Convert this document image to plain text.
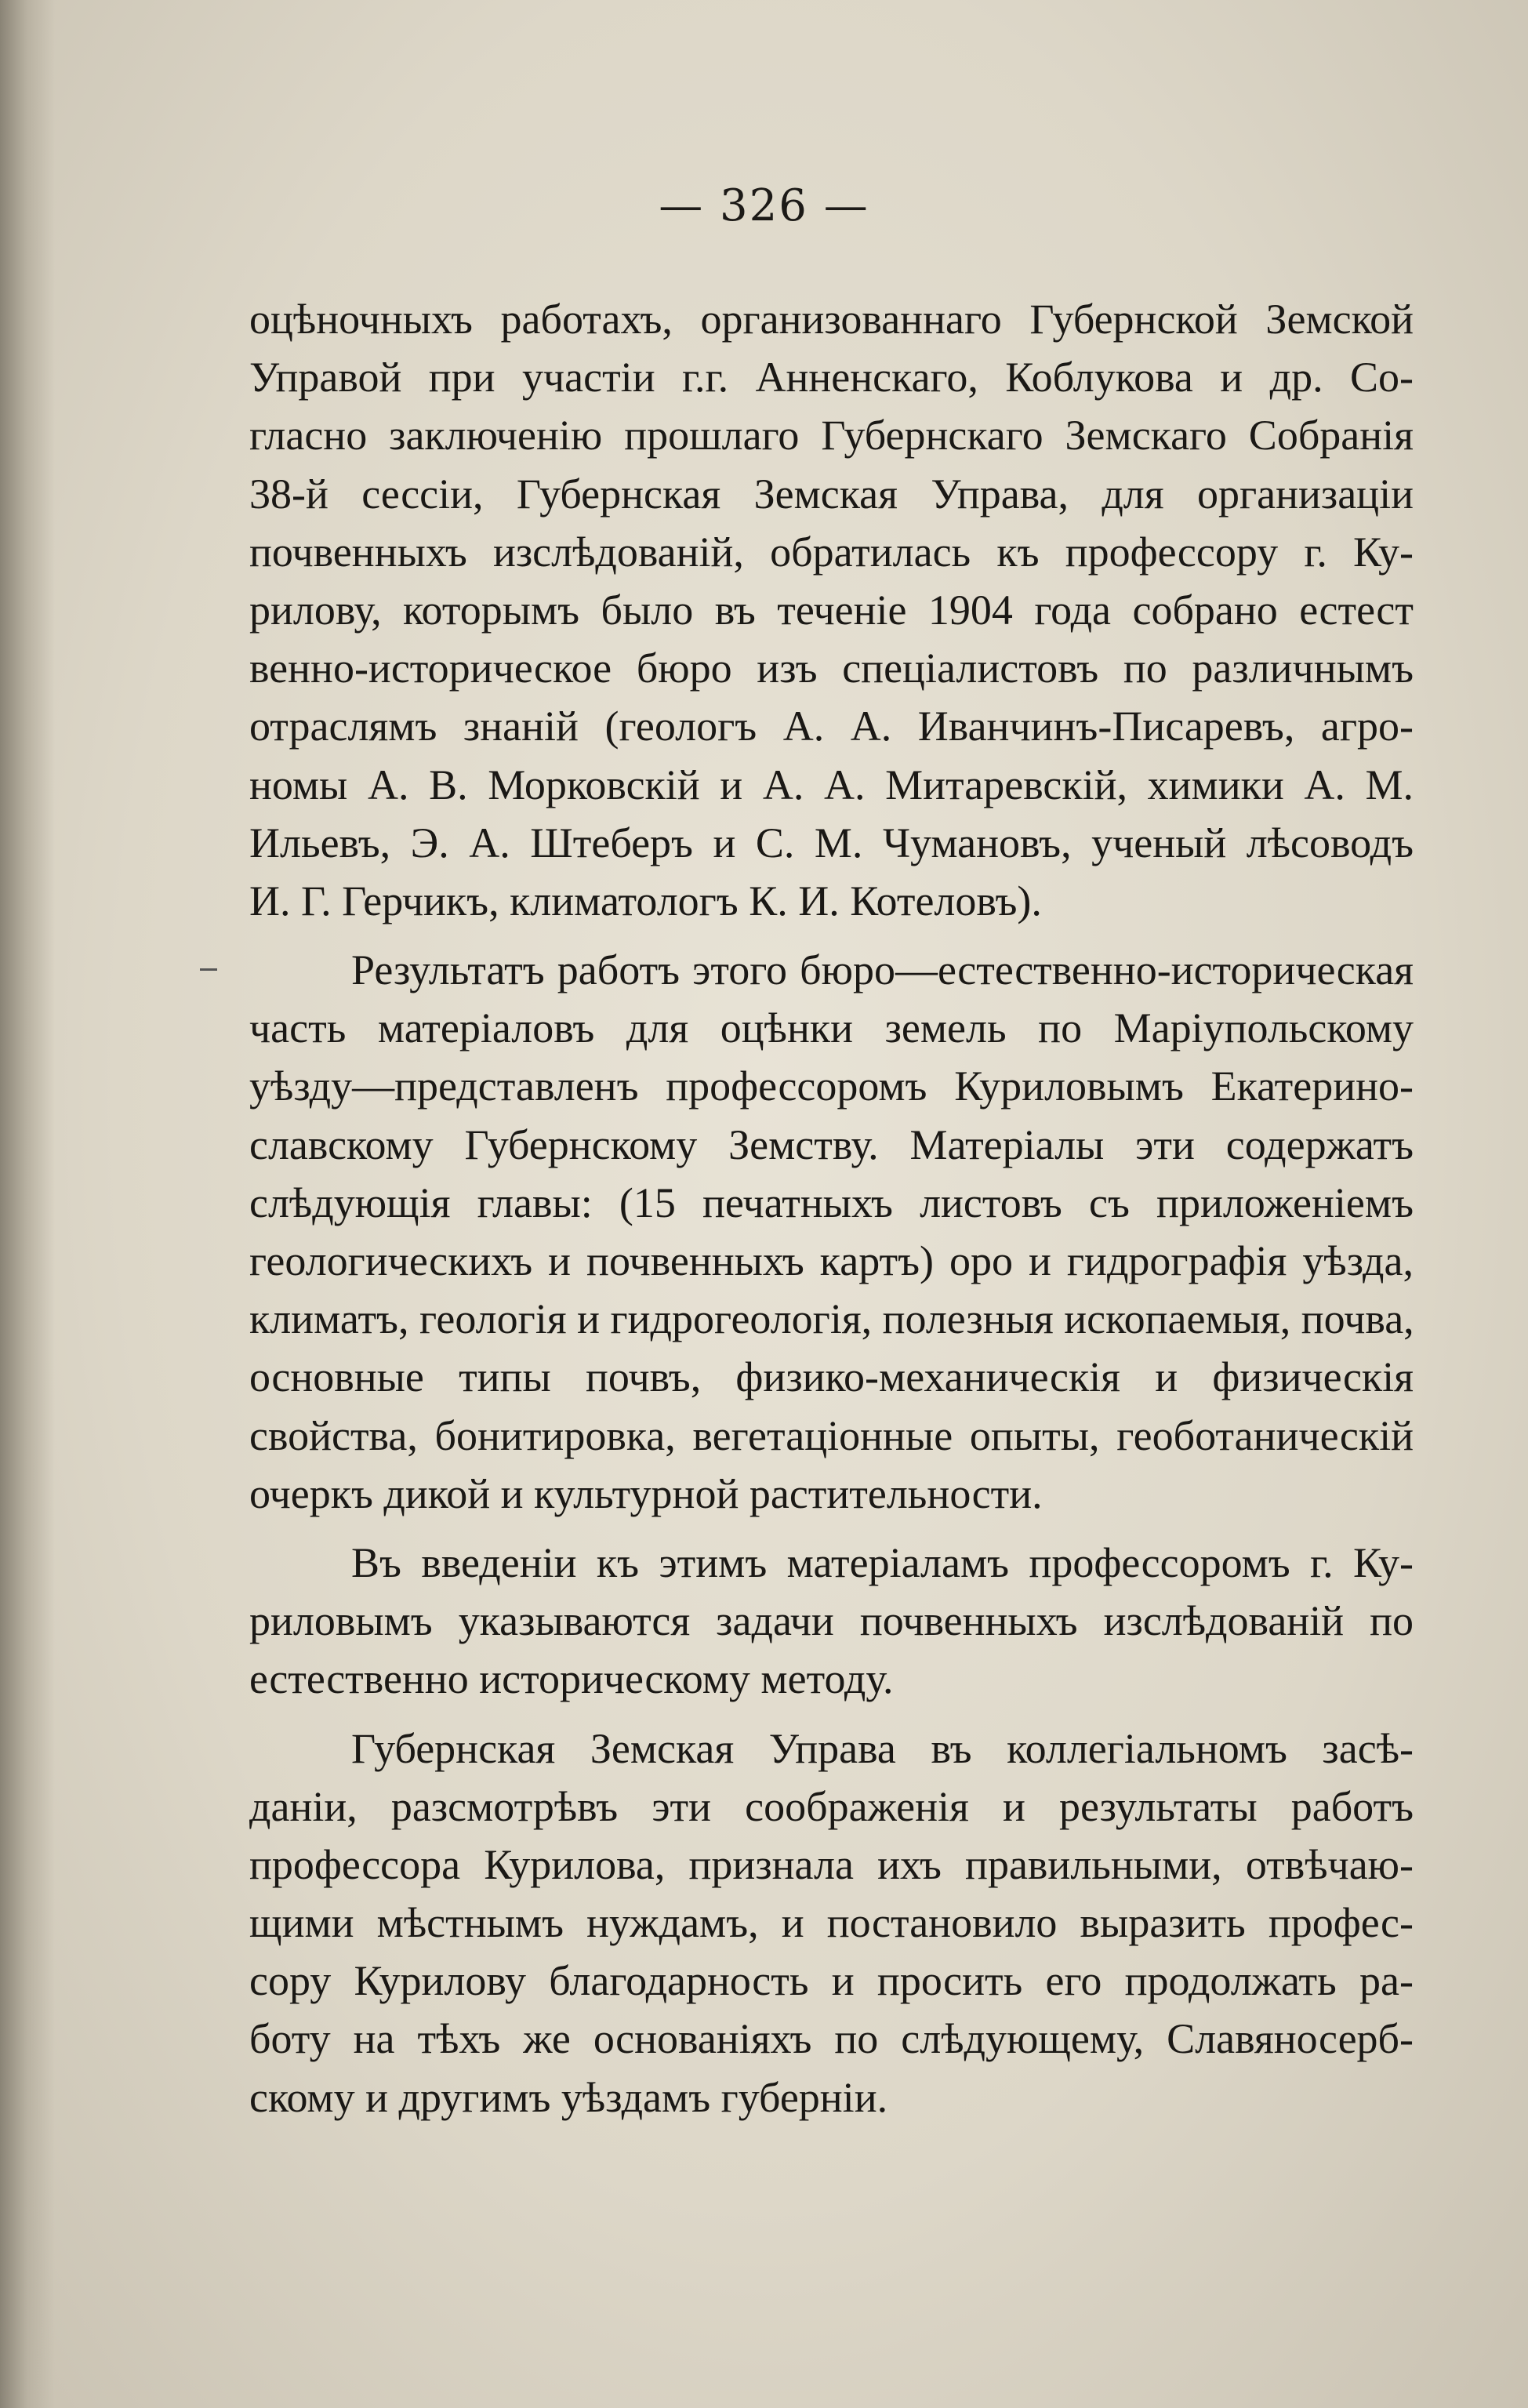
— 326 —
оцѣночныхъ работахъ, организованнаго Губернской Земской
Управой при участіи г.г. Анненскаго, Коблукова и др. Со-
гласно заключенію прошлаго Губернскаго Земскаго Собранія
38-й сессіи, Губернская Земская Управа, для организаціи
почвенныхъ изслѣдованій, обратилась къ профессору г. Ку-
рилову, которымъ было въ теченіе 1904 года собрано естест
венно-историческое бюро изъ спеціалистовъ по различнымъ
отраслямъ знаній (геологъ А. А. Иванчинъ-Писаревъ, агро-
номы А. В. Морковскій и А. А. Митаревскій, химики А. М.
Ильевъ, Э. А. Штеберъ и С. М. Чумановъ, ученый лѣсоводъ
И. Г. Герчикъ, климатологъ К. И. Котеловъ).
Результатъ работъ этого бюро—естественно-историческая
часть матеріаловъ для оцѣнки земель по Маріупольскому
уѣзду—представленъ профессоромъ Куриловымъ Екатерино-
славскому Губернскому Земству. Матеріалы эти содержатъ
слѣдующія главы: (15 печатныхъ листовъ съ приложеніемъ
геологическихъ и почвенныхъ картъ) оро и гидрографія уѣзда,
климатъ, геологія и гидрогеологія, полезныя ископаемыя, почва,
основные типы почвъ, физико-механическія и физическія
свойства, бонитировка, вегетаціонные опыты, геоботаническій
очеркъ дикой и культурной растительности.
Въ введеніи къ этимъ матеріаламъ профессоромъ г. Ку-
риловымъ указываются задачи почвенныхъ изслѣдованій по
естественно историческому методу.
Губернская Земская Управа въ коллегіальномъ засѣ-
даніи, разсмотрѣвъ эти соображенія и результаты работъ
профессора Курилова, признала ихъ правильными, отвѣчаю-
щими мѣстнымъ нуждамъ, и постановило выразить профес-
сору Курилову благодарность и просить его продолжать ра-
боту на тѣхъ же основаніяхъ по слѣдующему, Славяносерб-
скому и другимъ уѣздамъ губерніи.
